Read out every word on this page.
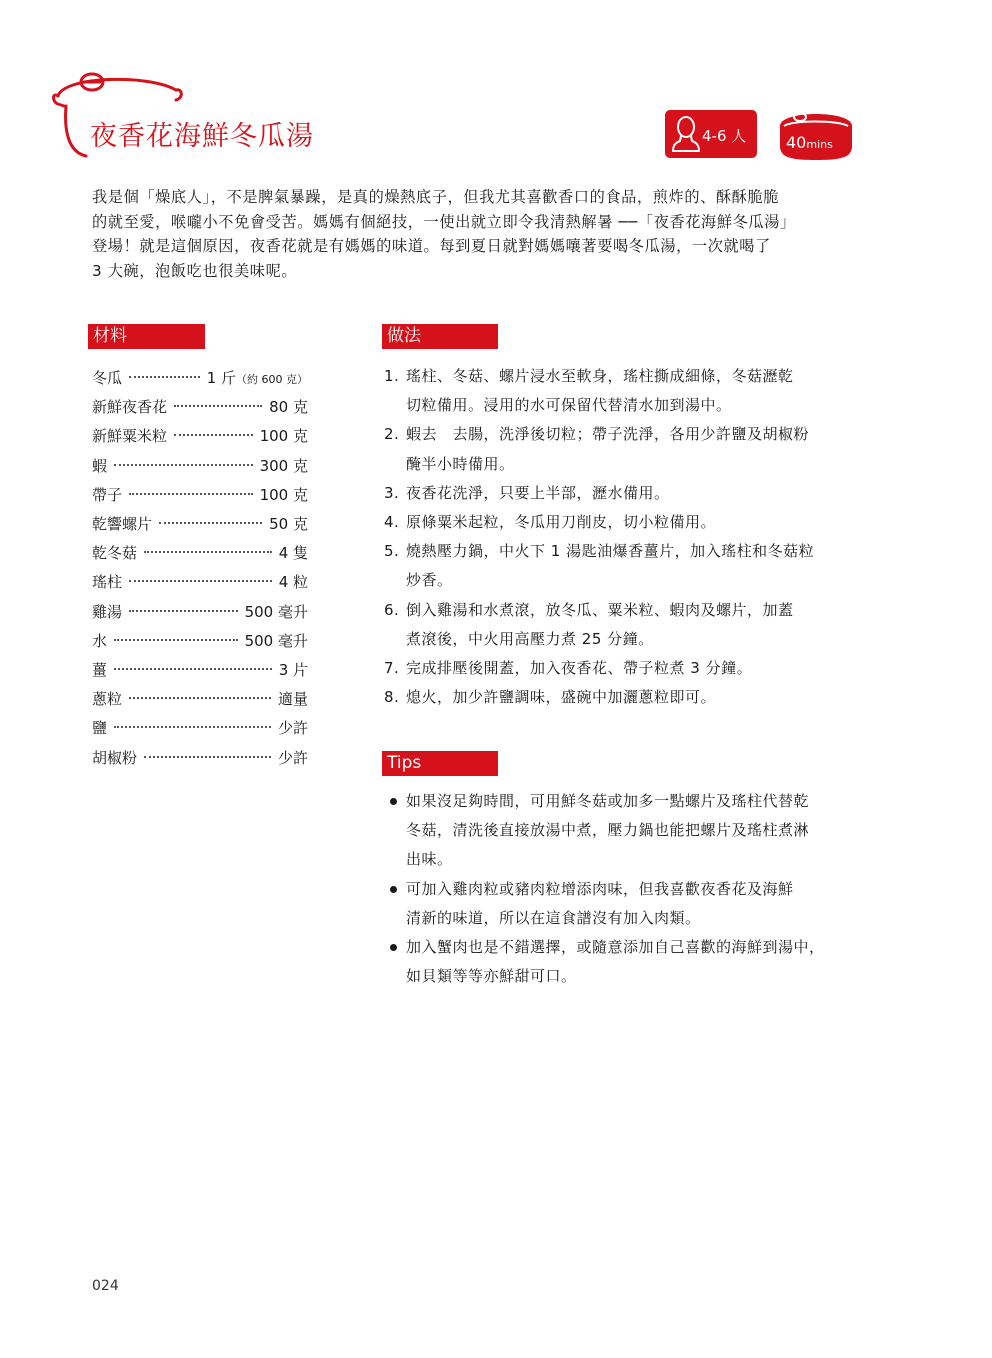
夜香花海鮮冬瓜湯	4-6 人 40mins
我是個「燥底人」，不是脾氣暴躁，是真的燥熱底子，但我尤其喜歡香口的食品，煎炸的、酥酥脆脆
的就至愛，喉嚨小不免會受苦。媽媽有個絕技，一使出就立即令我清熱解暑 ──「夜香花海鮮冬瓜湯」
登場！就是這個原因，夜香花就是有媽媽的味道。每到夏日就對媽媽嚷著要喝冬瓜湯，一次就喝了
3 大碗，泡飯吃也很美味呢。
材料
冬瓜	1 斤（約 600 克）
新鮮夜香花	80 克
新鮮粟米粒	100 克
蝦	300 克
帶子	100 克
乾響螺片	50 克
乾冬菇	4 隻
瑤柱	4 粒
雞湯	500 毫升
水	500 毫升
薑	3 片
蔥粒	適量
鹽	少許
胡椒粉	少許
做法
1. 瑤柱、冬菇、螺片浸水至軟身，瑤柱撕成細條，冬菇瀝乾
切粒備用。浸用的水可保留代替清水加到湯中。
2. 蝦去　去腸，洗淨後切粒；帶子洗淨，各用少許鹽及胡椒粉
醃半小時備用。
3. 夜香花洗淨，只要上半部，瀝水備用。
4. 原條粟米起粒，冬瓜用刀削皮，切小粒備用。
5. 燒熱壓力鍋，中火下 1 湯匙油爆香薑片，加入瑤柱和冬菇粒
炒香。
6. 倒入雞湯和水煮滾，放冬瓜、粟米粒、蝦肉及螺片，加蓋
煮滾後，中火用高壓力煮 25 分鐘。
7. 完成排壓後開蓋，加入夜香花、帶子粒煮 3 分鐘。
8. 熄火，加少許鹽調味，盛碗中加灑蔥粒即可。
Tips
如果沒足夠時間，可用鮮冬菇或加多一點螺片及瑤柱代替乾
冬菇，清洗後直接放湯中煮，壓力鍋也能把螺片及瑤柱煮淋
出味。
可加入雞肉粒或豬肉粒增添肉味，但我喜歡夜香花及海鮮
清新的味道，所以在這食譜沒有加入肉類。
加入蟹肉也是不錯選擇，或隨意添加自己喜歡的海鮮到湯中，
如貝類等等亦鮮甜可口。
024
